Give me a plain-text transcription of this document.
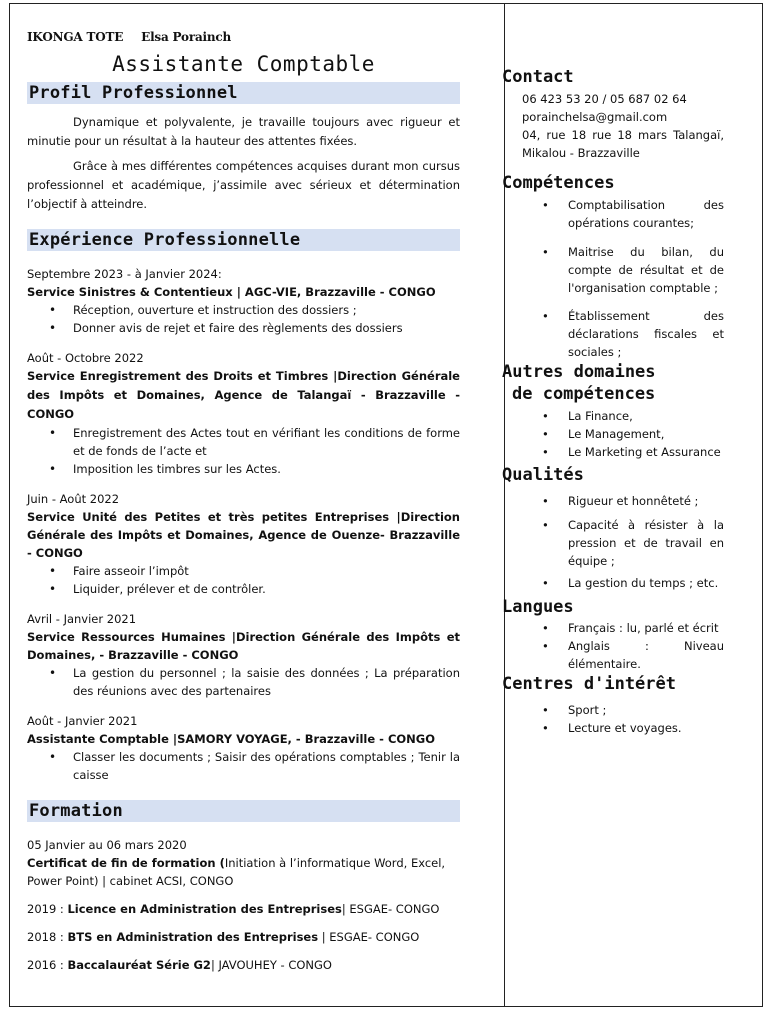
IKONGA TOTE Elsa Porainch
Assistante Comptable
Profil Professionnel

Dynamique et polyvalente, je travaille toujours avec rigueur et minutie pour un résultat à la hauteur des attentes fixées.

Grâce à mes différentes compétences acquises durant mon cursus professionnel et académique, j’assimile avec sérieux et détermination l’objectif à atteindre.

Expérience Professionnelle
Septembre 2023 - à Janvier 2024:
Service Sinistres & Contentieux | AGC-VIE, Brazzaville - CONGO
• Réception, ouverture et instruction des dossiers ;
• Donner avis de rejet et faire des règlements des dossiers
Août - Octobre 2022
Service Enregistrement des Droits et Timbres |Direction Générale des Impôts et Domaines, Agence de Talangaï - Brazzaville - CONGO
• Enregistrement des Actes tout en vérifiant les conditions de forme et de fonds de l’acte et
• Imposition les timbres sur les Actes.
Juin - Août 2022
Service Unité des Petites et très petites Entreprises |Direction Générale des Impôts et Domaines, Agence de Ouenze- Brazzaville - CONGO
• Faire asseoir l’impôt
• Liquider, prélever et de contrôler.
Avril - Janvier 2021
Service Ressources Humaines |Direction Générale des Impôts et Domaines, - Brazzaville - CONGO
• La gestion du personnel ; la saisie des données ; La préparation des réunions avec des partenaires
Août - Janvier 2021
Assistante Comptable |SAMORY VOYAGE, - Brazzaville - CONGO
• Classer les documents ; Saisir des opérations comptables ; Tenir la caisse
Formation
05 Janvier au 06 mars 2020
Certificat de fin de formation (Initiation à l’informatique Word, Excel, Power Point) | cabinet ACSI, CONGO
2019 : Licence en Administration des Entreprises| ESGAE- CONGO
2018 : BTS en Administration des Entreprises | ESGAE- CONGO
2016 : Baccalauréat Série G2| JAVOUHEY - CONGO
Contact
06 423 53 20 / 05 687 02 64
porainchelsa@gmail.com
04, rue 18 rue 18 mars Talangaï, Mikalou - Brazzaville
Compétences
• Comptabilisation des opérations courantes;
• Maitrise du bilan, du compte de résultat et de l'organisation comptable ;
• Établissement des déclarations fiscales et sociales ;
Autres domaines
de compétences
• La Finance,
• Le Management,
• Le Marketing et Assurance
Qualités
• Rigueur et honnêteté ;
• Capacité à résister à la pression et de travail en équipe ;
• La gestion du temps ; etc.
Langues
• Français : lu, parlé et écrit
• Anglais : Niveau élémentaire.
Centres d'intérêt
• Sport ;
• Lecture et voyages.
